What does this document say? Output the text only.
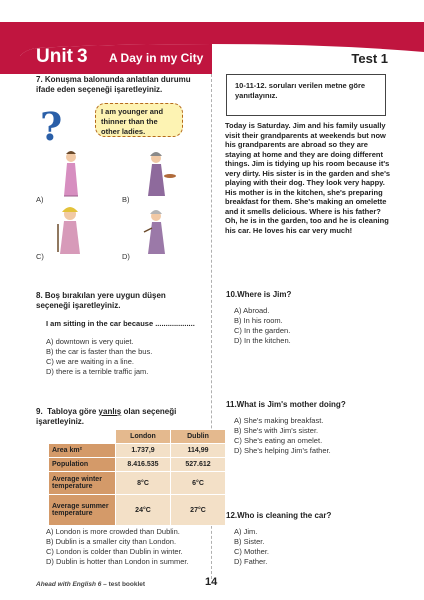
Unit 3 A Day in my City	Test 1
7. Konuşma balonunda anlatılan durumu ifade eden seçeneği işaretleyiniz.
?	I am younger and thinner than the other ladies.
A)	B)
C)	D)
8. Boş bırakılan yere uygun düşen seçeneği işaretleyiniz.
I am sitting in the car because ...................
A) downtown is very quiet.
B) the car is faster than the bus.
C) we are waiting in a line.
D) there is a terrible traffic jam.
9. Tabloya göre yanlış olan seçeneği işaretleyiniz.
	London	Dublin
Area km²	1.737,9	114,99
Population	8.416.535	527.612
Average winter temperature	8°C	6°C
Average summer temperature	24°C	27°C
A) London is more crowded than Dublin.
B) Dublin is a smaller city than London.
C) London is colder than Dublin in winter.
D) Dublin is hotter than London in summer.
10-11-12. soruları verilen metne göre yanıtlayınız.
Today is Saturday. Jim and his family usually visit their grandparents at weekends but now his grandparents are abroad so they are staying at home and they are doing different things. Jim is tidying up his room because it's very dirty. His sister is in the garden and she's playing with their dog. They look very happy. His mother is in the kitchen, she's preparing breakfast for them. She's making an omelette and it smells delicious. Where is his father? Oh, he is in the garden, too and he is cleaning his car. He loves his car very much!
10.Where is Jim?
A) Abroad.
B) In his room.
C) In the garden.
D) In the kitchen.
11.What is Jim's mother doing?
A) She's making breakfast.
B) She's with Jim's sister.
C) She's eating an omelet.
D) She's helping Jim's father.
12.Who is cleaning the car?
A) Jim.
B) Sister.
C) Mother.
D) Father.
Ahead with English 6 – test booklet	14
